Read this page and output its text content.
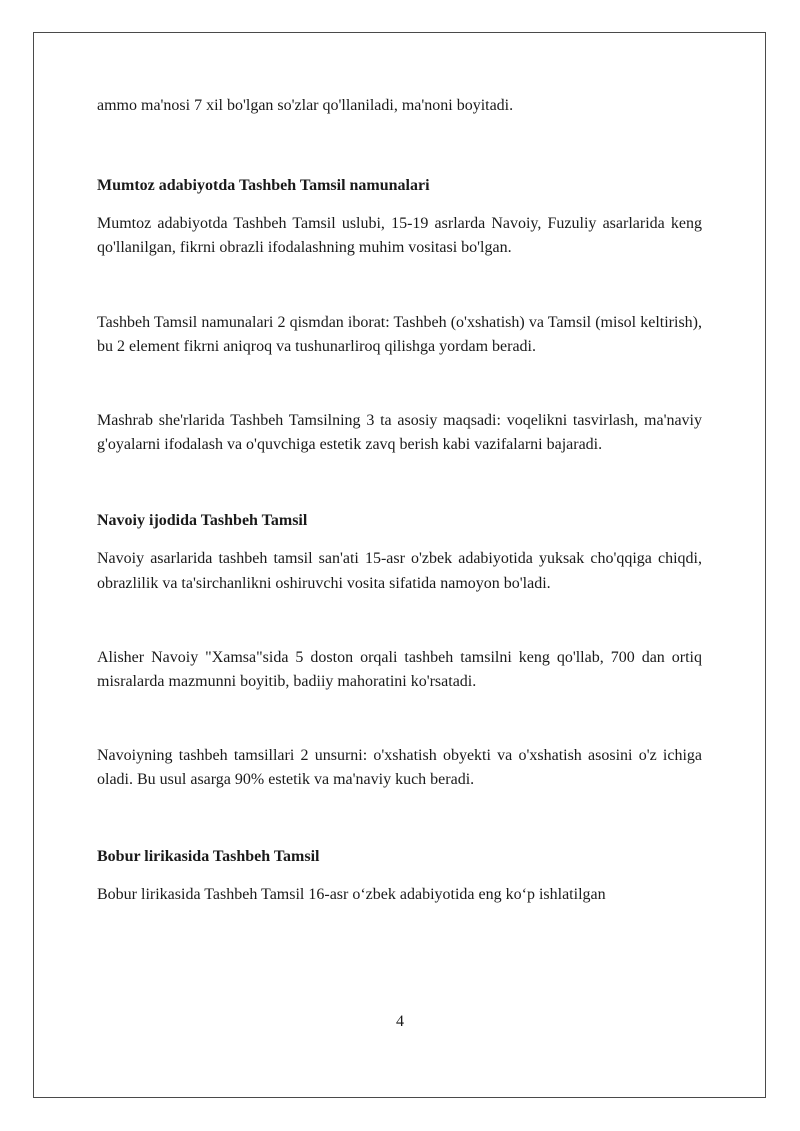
ammo ma'nosi 7 xil bo'lgan so'zlar qo'llaniladi, ma'noni boyitadi.

Mumtoz adabiyotda Tashbeh Tamsil namunalari

Mumtoz adabiyotda Tashbeh Tamsil uslubi, 15-19 asrlarda Navoiy, Fuzuliy asarlarida keng qo'llanilgan, fikrni obrazli ifodalashning muhim vositasi bo'lgan.

Tashbeh Tamsil namunalari 2 qismdan iborat: Tashbeh (o'xshatish) va Tamsil (misol keltirish), bu 2 element fikrni aniqroq va tushunarliroq qilishga yordam beradi.

Mashrab she'rlarida Tashbeh Tamsilning 3 ta asosiy maqsadi: voqelikni tasvirlash, ma'naviy g'oyalarni ifodalash va o'quvchiga estetik zavq berish kabi vazifalarni bajaradi.

Navoiy ijodida Tashbeh Tamsil

Navoiy asarlarida tashbeh tamsil san'ati 15-asr o'zbek adabiyotida yuksak cho'qqiga chiqdi, obrazlilik va ta'sirchanlikni oshiruvchi vosita sifatida namoyon bo'ladi.

Alisher Navoiy "Xamsa"sida 5 doston orqali tashbeh tamsilni keng qo'llab, 700 dan ortiq misralarda mazmunni boyitib, badiiy mahoratini ko'rsatadi.

Navoiyning tashbeh tamsillari 2 unsurni: o'xshatish obyekti va o'xshatish asosini o'z ichiga oladi. Bu usul asarga 90% estetik va ma'naviy kuch beradi.

Bobur lirikasida Tashbeh Tamsil

Bobur lirikasida Tashbeh Tamsil 16-asr o‘zbek adabiyotida eng ko‘p ishlatilgan

4
